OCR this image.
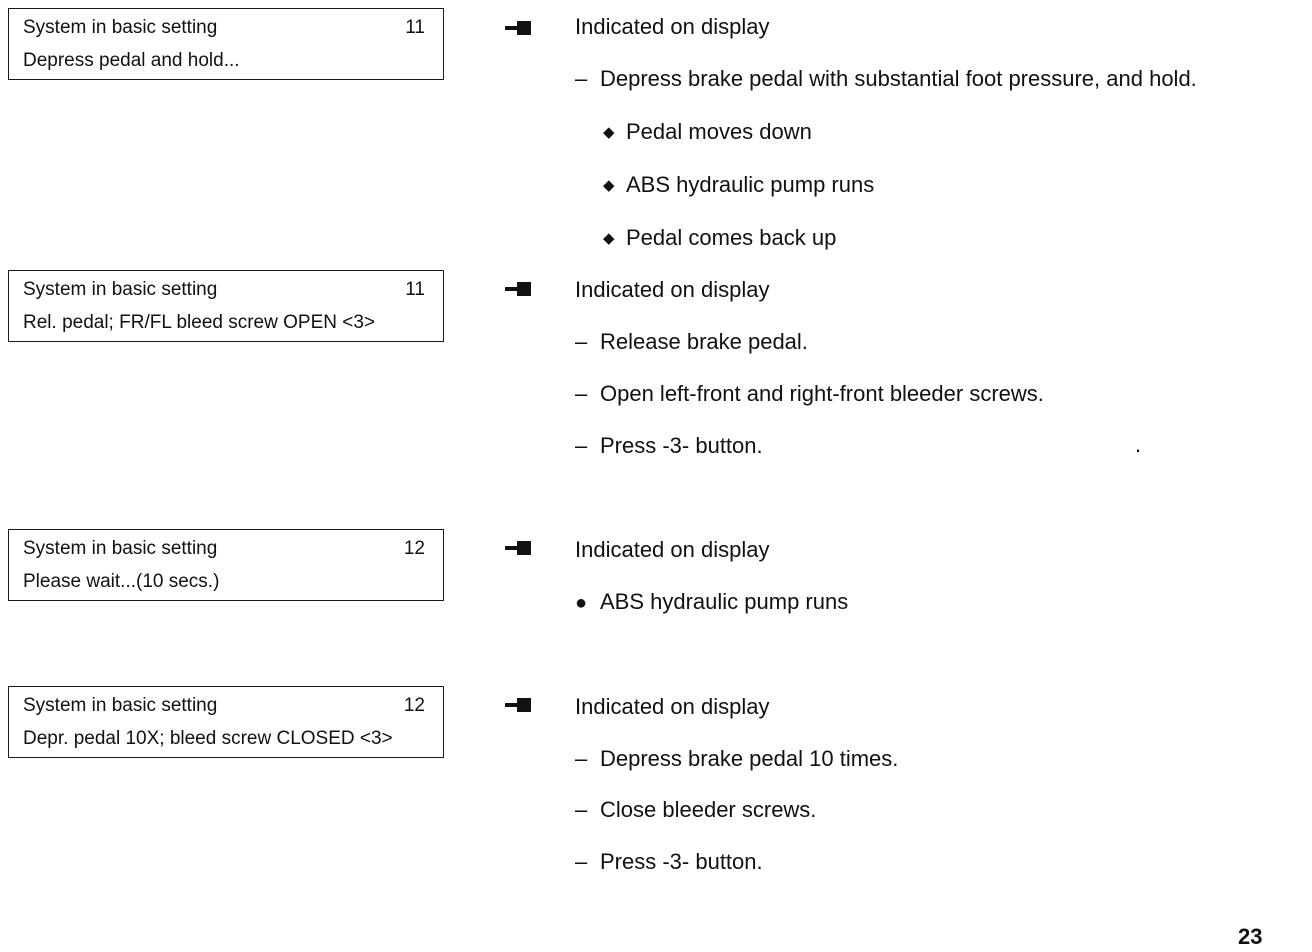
System in basic setting	11
Depress pedal and hold...
Indicated on display
– Depress brake pedal with substantial foot pressure, and hold.
◆ Pedal moves down
◆ ABS hydraulic pump runs
◆ Pedal comes back up
System in basic setting	11
Rel. pedal; FR/FL bleed screw OPEN <3>
Indicated on display
– Release brake pedal.
– Open left-front and right-front bleeder screws.
– Press -3- button.	.
System in basic setting	12
Please wait...(10 secs.)
Indicated on display
● ABS hydraulic pump runs
System in basic setting	12
Depr. pedal 10X; bleed screw CLOSED <3>
Indicated on display
– Depress brake pedal 10 times.
– Close bleeder screws.
– Press -3- button.
23
